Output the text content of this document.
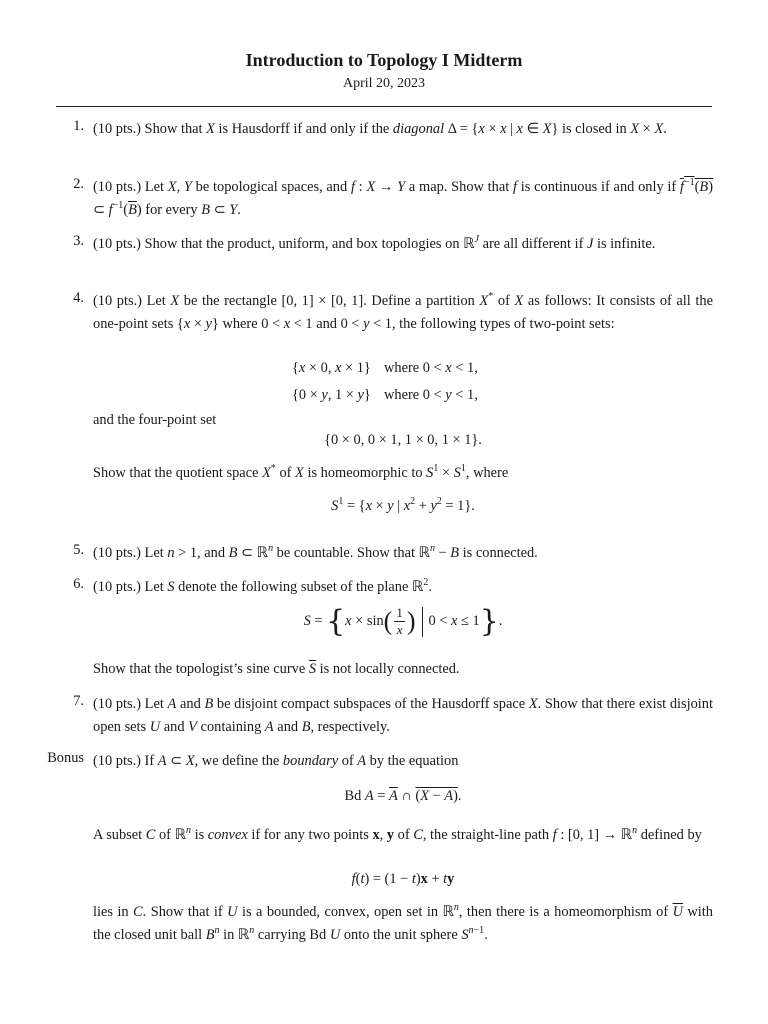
Introduction to Topology I Midterm
April 20, 2023
1. (10 pts.) Show that X is Hausdorff if and only if the diagonal Δ = {x × x | x ∈ X} is closed in X × X.
2. (10 pts.) Let X, Y be topological spaces, and f : X → Y a map. Show that f is continuous if and only if $f^{-1}(B)$ ⊂ $f^{-1}(\overline{B})$ for every B ⊂ Y.
3. (10 pts.) Show that the product, uniform, and box topologies on ℝ$^J$ are all different if J is infinite.
4. (10 pts.) Let X be the rectangle [0, 1] × [0, 1]. Define a partition X* of X as follows: It consists of all the one-point sets {x × y} where 0 < x < 1 and 0 < y < 1, the following types of two-point sets:
{x × 0, x × 1}	where 0 < x < 1,
{0 × y, 1 × y}	where 0 < y < 1,
and the four-point set
{0 × 0, 0 × 1, 1 × 0, 1 × 1}.
Show that the quotient space X* of X is homeomorphic to $S^1 \times S^1$, where
$S^1 = \{x \times y$ | $x^2 + y^2 = 1$}.
5. (10 pts.) Let n > 1, and B ⊂ ℝ$^n$ be countable. Show that ℝ$^n$ − B is connected.
6. (10 pts.) Let S denote the following subset of the plane ℝ$^2$.
$S = \{x \times \sin( \frac{1}{x}$ ) 0 < x ≤ 1}.
Show that the topologist’s sine curve $\overline{S}$ is not locally connected.
7. (10 pts.) Let A and B be disjoint compact subspaces of the Hausdorff space X. Show that there exist disjoint open sets U and V containing A and B, respectively.
Bonus (10 pts.) If A ⊂ X, we define the boundary of A by the equation
Bd $A = \overline{A}$ ∩ (X − A).
A subset C of ℝ$^n$ is convex if for any two points x, y of C, the straight-line path f : [0, 1] → ℝ$^n$ defined by
f(t) = (1 − t)x + ty
lies in C. Show that if U is a bounded, convex, open set in ℝ$^n$, then there is a homeomorphism of $\overline{U}$ with the closed unit ball $B^n$ in ℝ$^n$ carrying Bd U onto the unit sphere $S^{n-1}$.
